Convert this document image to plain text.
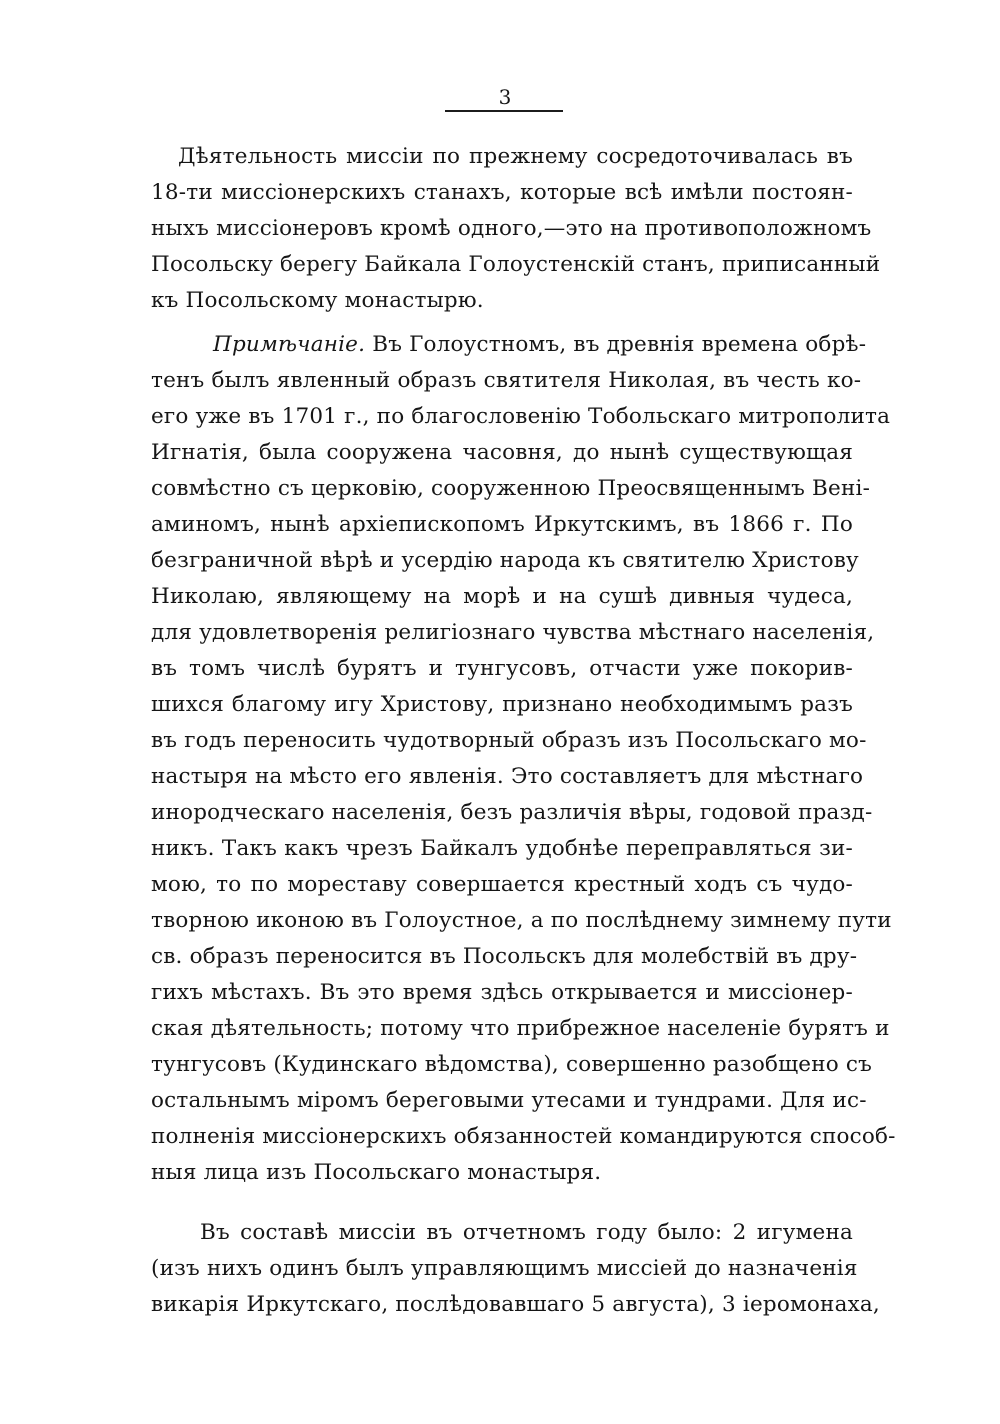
3
Дѣятельность миссіи по прежнему сосредоточивалась въ
18-ти миссіонерскихъ станахъ, которые всѣ имѣли постоян-
ныхъ миссіонеровъ кромѣ одного,—это на противоположномъ
Посольску берегу Байкала Голоустенскій станъ, приписанный
къ Посольскому монастырю.
Примѣчаніе. Въ Голоустномъ, въ древнія времена обрѣ-
тенъ былъ явленный образъ святителя Николая, въ честь ко-
его уже въ 1701 г., по благословенію Тобольскаго митрополита
Игнатія, была сооружена часовня, до нынѣ существующая
совмѣстно съ церковію, сооруженною Преосвященнымъ Вені-
аминомъ, нынѣ архіепископомъ Иркутскимъ, въ 1866 г. По
безграничной вѣрѣ и усердію народа къ святителю Христову
Николаю, являющему на морѣ и на сушѣ дивныя чудеса,
для удовлетворенія религіознаго чувства мѣстнаго населенія,
въ томъ числѣ бурятъ и тунгусовъ, отчасти уже покорив-
шихся благому игу Христову, признано необходимымъ разъ
въ годъ переносить чудотворный образъ изъ Посольскаго мо-
настыря на мѣсто его явленія. Это составляетъ для мѣстнаго
инородческаго населенія, безъ различія вѣры, годовой празд-
никъ. Такъ какъ чрезъ Байкалъ удобнѣе переправляться зи-
мою, то по мореставу совершается крестный ходъ съ чудо-
творною иконою въ Голоустное, а по послѣднему зимнему пути
св. образъ переносится въ Посольскъ для молебствій въ дру-
гихъ мѣстахъ. Въ это время здѣсь открывается и миссіонер-
ская дѣятельность; потому что прибрежное населеніе бурятъ и
тунгусовъ (Кудинскаго вѣдомства), совершенно разобщено съ
остальнымъ міромъ береговыми утесами и тундрами. Для ис-
полненія миссіонерскихъ обязанностей командируются способ-
ныя лица изъ Посольскаго монастыря.
Въ составѣ миссіи въ отчетномъ году было: 2 игумена
(изъ нихъ одинъ былъ управляющимъ миссіей до назначенія
викарія Иркутскаго, послѣдовавшаго 5 августа), 3 іеромонаха,
